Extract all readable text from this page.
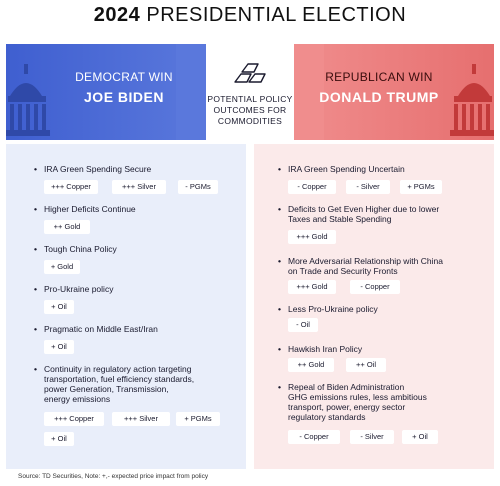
2024 PRESIDENTIAL ELECTION
DEMOCRAT WIN
JOE BIDEN
REPUBLICAN WIN
DONALD TRUMP
POTENTIAL POLICY
OUTCOMES FOR
COMMODITIES
• IRA Green Spending Secure
+++ Copper	+++ Silver	- PGMs
• Higher Deficits Continue
++ Gold
• Tough China Policy
+ Gold
• Pro-Ukraine policy
+ Oil
• Pragmatic on Middle East/Iran
+ Oil
• Continuity in regulatory action targeting
transportation, fuel efficiency standards,
power Generation, Transmission,
energy emissions
+++ Copper	+++ Silver	+ PGMs
+ Oil
• IRA Green Spending Uncertain
- Copper	- Silver	+ PGMs
• Deficits to Get Even Higher due to lower
Taxes and Stable Spending
+++ Gold
• More Adversarial Relationship with China
on Trade and Security Fronts
+++ Gold	- Copper
• Less Pro-Ukraine policy
- Oil
• Hawkish Iran Policy
++ Gold	++ Oil
• Repeal of Biden Administration
GHG emissions rules, less ambitious
transport, power, energy sector
regulatory standards
- Copper	- Silver	+ Oil
Source: TD Securities, Note: +,- expected price impact from policy
